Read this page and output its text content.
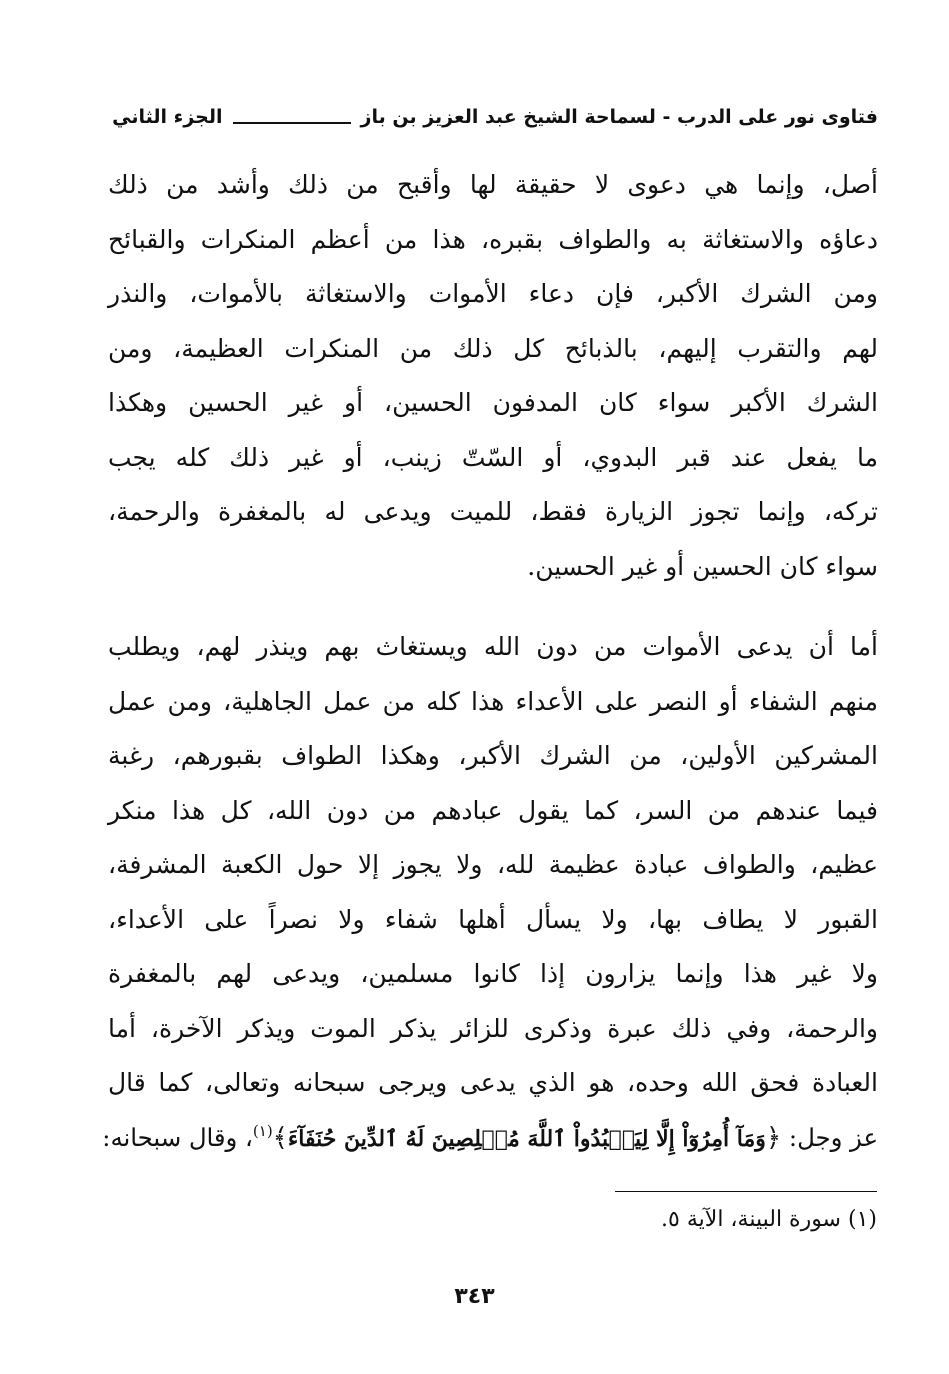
فتاوى نور على الدرب - لسماحة الشيخ عبد العزيز بن باز
الجزء الثاني
أصل، وإنما هي دعوى لا حقيقة لها وأقبح من ذلك وأشد من ذلك
دعاؤه والاستغاثة به والطواف بقبره، هذا من أعظم المنكرات والقبائح
ومن الشرك الأكبر، فإن دعاء الأموات والاستغاثة بالأموات، والنذر
لهم والتقرب إليهم، بالذبائح كل ذلك من المنكرات العظيمة، ومن
الشرك الأكبر سواء كان المدفون الحسين، أو غير الحسين وهكذا
ما يفعل عند قبر البدوي، أو السّتّ زينب، أو غير ذلك كله يجب
تركه، وإنما تجوز الزيارة فقط، للميت ويدعى له بالمغفرة والرحمة،
سواء كان الحسين أو غير الحسين.
أما أن يدعى الأموات من دون الله ويستغاث بهم وينذر لهم، ويطلب
منهم الشفاء أو النصر على الأعداء هذا كله من عمل الجاهلية، ومن عمل
المشركين الأولين، من الشرك الأكبر، وهكذا الطواف بقبورهم، رغبة
فيما عندهم من السر، كما يقول عبادهم من دون الله، كل هذا منكر
عظيم، والطواف عبادة عظيمة لله، ولا يجوز إلا حول الكعبة المشرفة،
القبور لا يطاف بها، ولا يسأل أهلها شفاء ولا نصراً على الأعداء،
ولا غير هذا وإنما يزارون إذا كانوا مسلمين، ويدعى لهم بالمغفرة
والرحمة، وفي ذلك عبرة وذكرى للزائر يذكر الموت ويذكر الآخرة، أما
العبادة فحق الله وحده، هو الذي يدعى ويرجى سبحانه وتعالى، كما قال
عز وجل: ﴿وَمَآ أُمِرُوٓاْ إِلَّا لِيَعۡبُدُواْ ٱللَّهَ مُخۡلِصِينَ لَهُ ٱلدِّينَ حُنَفَآءَ﴾$^{(١)}$، وقال سبحانه:
(١) سورة البينة، الآية ٥.
٣٤٣
